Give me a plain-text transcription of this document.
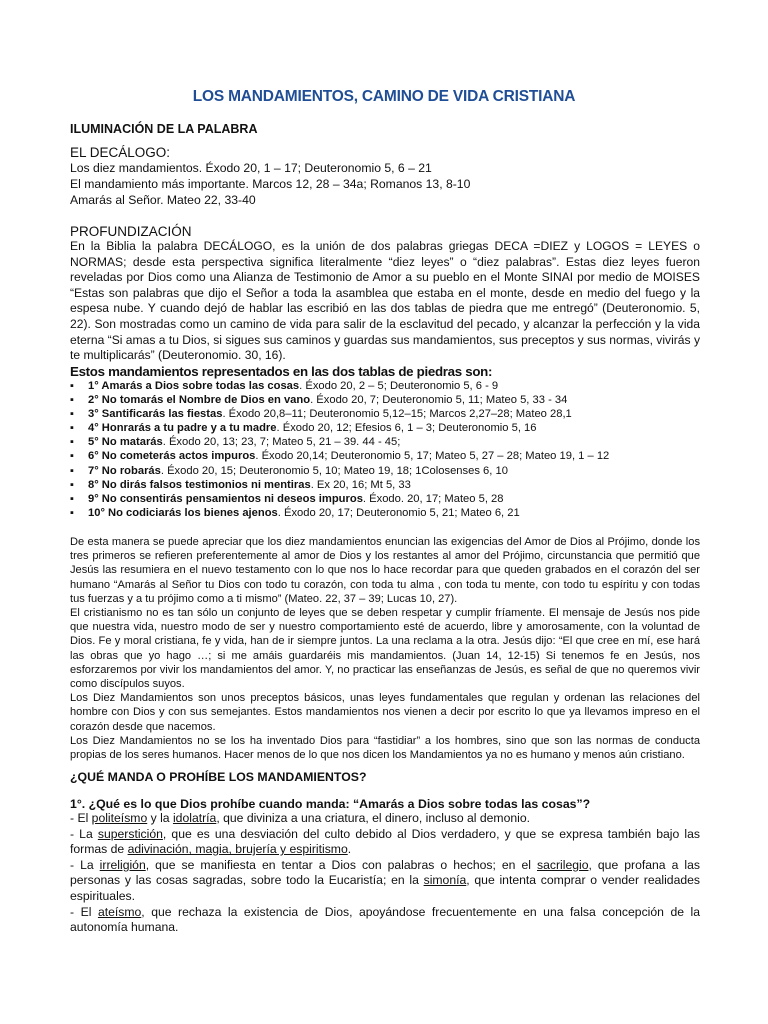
LOS MANDAMIENTOS, CAMINO DE VIDA CRISTIANA

ILUMINACIÓN DE LA PALABRA

EL DECÁLOGO:

Los diez mandamientos. Éxodo 20, 1 – 17; Deuteronomio 5, 6 – 21

El mandamiento más importante. Marcos 12, 28 – 34a; Romanos 13, 8-10

Amarás al Señor. Mateo 22, 33-40

PROFUNDIZACIÓN

En la Biblia la palabra DECÁLOGO, es la unión de dos palabras griegas DECA =DIEZ y LOGOS = LEYES o NORMAS; desde esta perspectiva significa literalmente “diez leyes” o “diez palabras”. Estas diez leyes fueron reveladas por Dios como una Alianza de Testimonio de Amor a su pueblo en el Monte SINAI por medio de MOISES “Estas son palabras que dijo el Señor a toda la asamblea que estaba en el monte, desde en medio del fuego y la espesa nube. Y cuando dejó de hablar las escribió en las dos tablas de piedra que me entregó” (Deuteronomio. 5, 22). Son mostradas como un camino de vida para salir de la esclavitud del pecado, y alcanzar la perfección y la vida eterna “Si amas a tu Dios, si sigues sus caminos y guardas sus mandamientos, sus preceptos y sus normas, vivirás y te multiplicarás” (Deuteronomio. 30, 16).

Estos mandamientos representados en las dos tablas de piedras son:

▪ 1° Amarás a Dios sobre todas las cosas. Éxodo 20, 2 – 5; Deuteronomio 5, 6 - 9
▪ 2° No tomarás el Nombre de Dios en vano. Éxodo 20, 7; Deuteronomio 5, 11; Mateo 5, 33 - 34
▪ 3° Santificarás las fiestas. Éxodo 20,8–11; Deuteronomio 5,12–15; Marcos 2,27–28; Mateo 28,1
▪ 4° Honrarás a tu padre y a tu madre. Éxodo 20, 12; Efesios 6, 1 – 3; Deuteronomio 5, 16
▪ 5° No matarás. Éxodo 20, 13; 23, 7; Mateo 5, 21 – 39. 44 - 45;
▪ 6° No cometerás actos impuros. Éxodo 20,14; Deuteronomio 5, 17; Mateo 5, 27 – 28; Mateo 19, 1 – 12
▪ 7° No robarás. Éxodo 20, 15; Deuteronomio 5, 10; Mateo 19, 18; 1Colosenses 6, 10
▪ 8° No dirás falsos testimonios ni mentiras. Ex 20, 16; Mt 5, 33
▪ 9° No consentirás pensamientos ni deseos impuros. Éxodo. 20, 17; Mateo 5, 28
▪ 10° No codiciarás los bienes ajenos. Éxodo 20, 17; Deuteronomio 5, 21; Mateo 6, 21

De esta manera se puede apreciar que los diez mandamientos enuncian las exigencias del Amor de Dios al Prójimo, donde los tres primeros se refieren preferentemente al amor de Dios y los restantes al amor del Prójimo, circunstancia que permitió que Jesús las resumiera en el nuevo testamento con lo que nos lo hace recordar para que queden grabados en el corazón del ser humano “Amarás al Señor tu Dios con todo tu corazón, con toda tu alma , con toda tu mente, con todo tu espíritu y con todas tus fuerzas y a tu prójimo como a ti mismo” (Mateo. 22, 37 – 39; Lucas 10, 27).

El cristianismo no es tan sólo un conjunto de leyes que se deben respetar y cumplir fríamente. El mensaje de Jesús nos pide que nuestra vida, nuestro modo de ser y nuestro comportamiento esté de acuerdo, libre y amorosamente, con la voluntad de Dios. Fe y moral cristiana, fe y vida, han de ir siempre juntos. La una reclama a la otra. Jesús dijo: “El que cree en mí, ese hará las obras que yo hago …; si me amáis guardaréis mis mandamientos. (Juan 14, 12-15) Si tenemos fe en Jesús, nos esforzaremos por vivir los mandamientos del amor. Y, no practicar las enseñanzas de Jesús, es señal de que no queremos vivir como discípulos suyos.

Los Diez Mandamientos son unos preceptos básicos, unas leyes fundamentales que regulan y ordenan las relaciones del hombre con Dios y con sus semejantes. Estos mandamientos nos vienen a decir por escrito lo que ya llevamos impreso en el corazón desde que nacemos.

Los Diez Mandamientos no se los ha inventado Dios para “fastidiar” a los hombres, sino que son las normas de conducta propias de los seres humanos. Hacer menos de lo que nos dicen los Mandamientos ya no es humano y menos aún cristiano.

¿QUÉ MANDA O PROHÍBE LOS MANDAMIENTOS?

1°. ¿Qué es lo que Dios prohíbe cuando manda: “Amarás a Dios sobre todas las cosas”?

- El politeísmo y la idolatría, que diviniza a una criatura, el dinero, incluso al demonio.

- La superstición, que es una desviación del culto debido al Dios verdadero, y que se expresa también bajo las formas de adivinación, magia, brujería y espiritismo.

- La irreligión, que se manifiesta en tentar a Dios con palabras o hechos; en el sacrilegio, que profana a las personas y las cosas sagradas, sobre todo la Eucaristía; en la simonía, que intenta comprar o vender realidades espirituales.

- El ateísmo, que rechaza la existencia de Dios, apoyándose frecuentemente en una falsa concepción de la autonomía humana.
